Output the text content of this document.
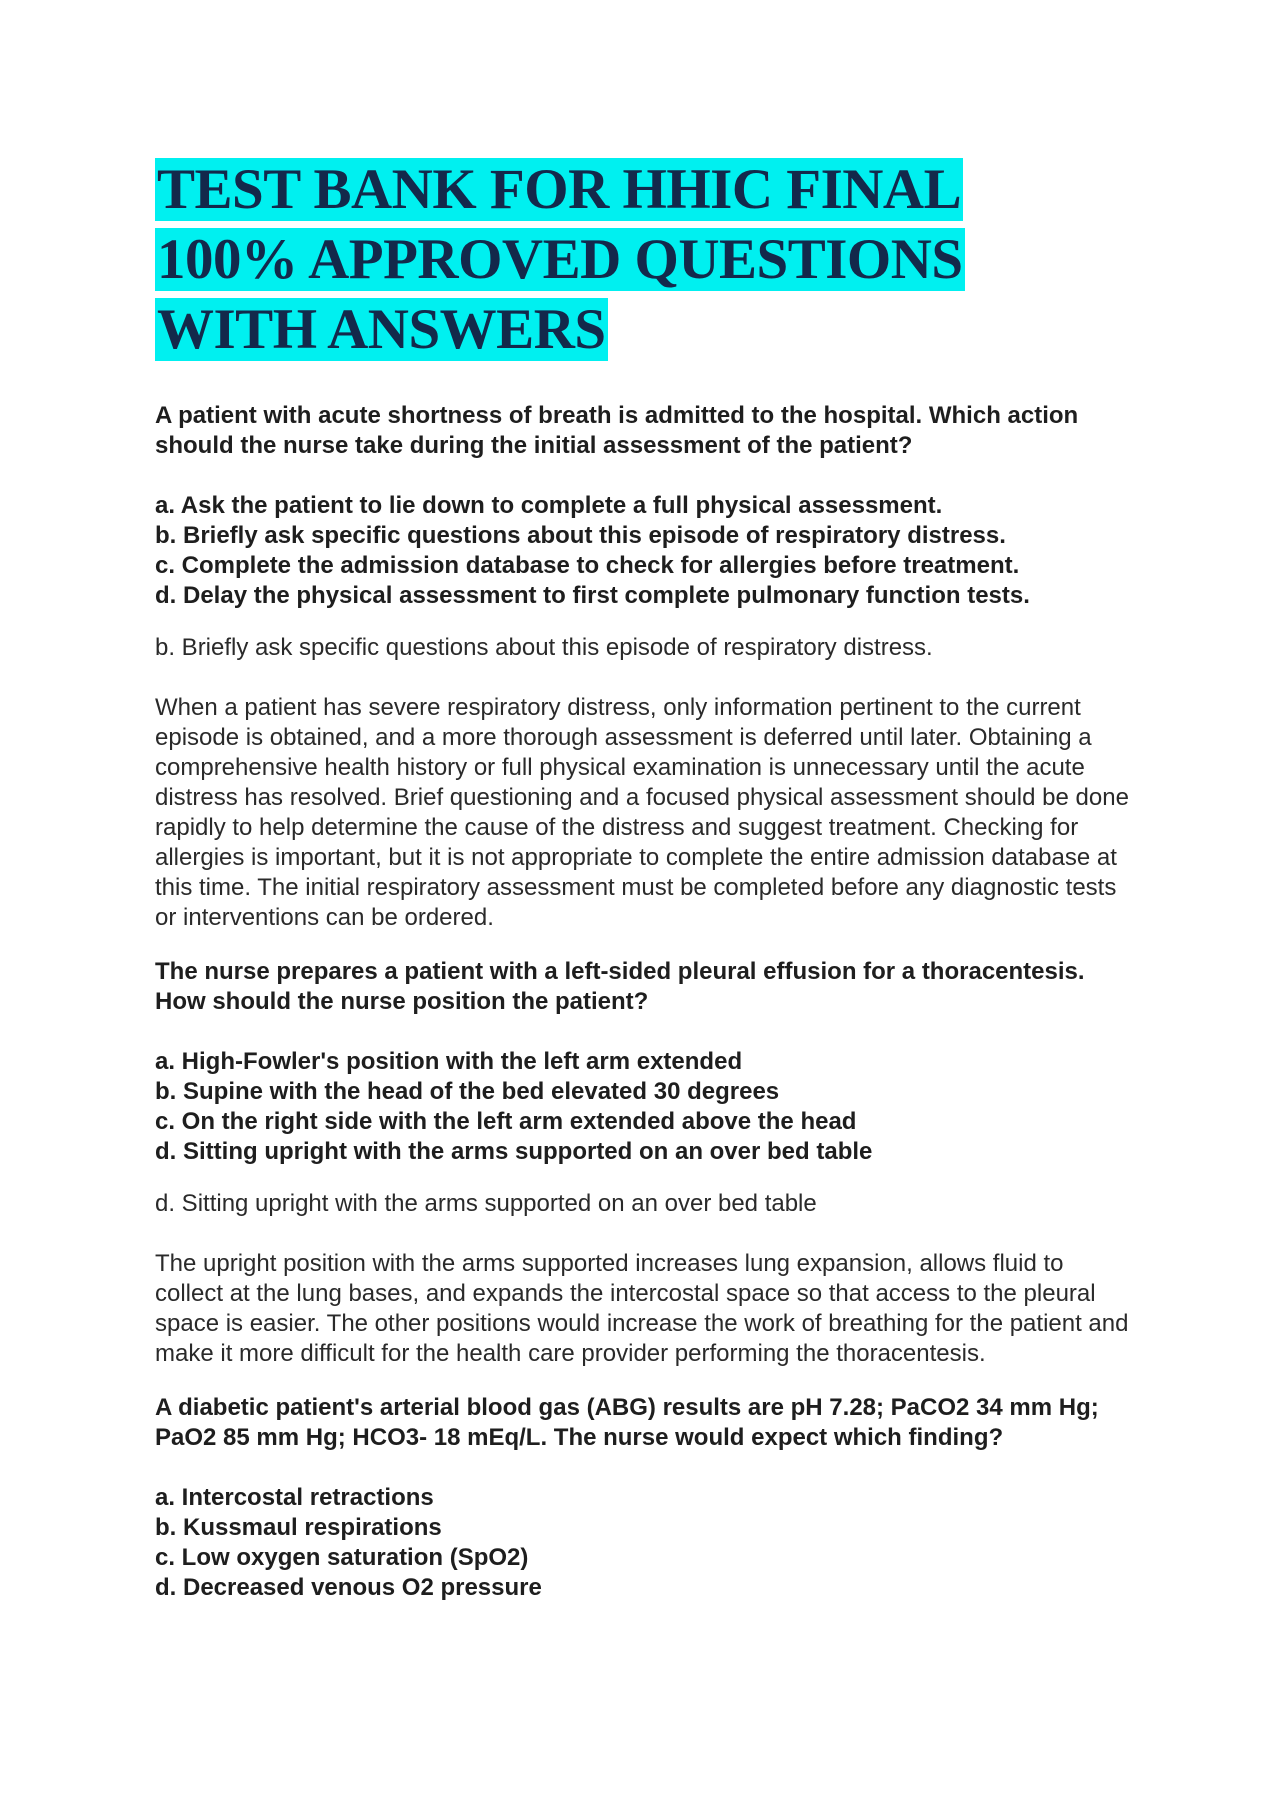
TEST BANK FOR HHIC FINAL
100% APPROVED QUESTIONS
WITH ANSWERS

A patient with acute shortness of breath is admitted to the hospital. Which action should the nurse take during the initial assessment of the patient?

a. Ask the patient to lie down to complete a full physical assessment.
b. Briefly ask specific questions about this episode of respiratory distress.
c. Complete the admission database to check for allergies before treatment.
d. Delay the physical assessment to first complete pulmonary function tests.

b. Briefly ask specific questions about this episode of respiratory distress.

When a patient has severe respiratory distress, only information pertinent to the current episode is obtained, and a more thorough assessment is deferred until later. Obtaining a comprehensive health history or full physical examination is unnecessary until the acute distress has resolved. Brief questioning and a focused physical assessment should be done rapidly to help determine the cause of the distress and suggest treatment. Checking for allergies is important, but it is not appropriate to complete the entire admission database at this time. The initial respiratory assessment must be completed before any diagnostic tests or interventions can be ordered.

The nurse prepares a patient with a left-sided pleural effusion for a thoracentesis. How should the nurse position the patient?

a. High-Fowler's position with the left arm extended
b. Supine with the head of the bed elevated 30 degrees
c. On the right side with the left arm extended above the head
d. Sitting upright with the arms supported on an over bed table

d. Sitting upright with the arms supported on an over bed table

The upright position with the arms supported increases lung expansion, allows fluid to collect at the lung bases, and expands the intercostal space so that access to the pleural space is easier. The other positions would increase the work of breathing for the patient and make it more difficult for the health care provider performing the thoracentesis.

A diabetic patient's arterial blood gas (ABG) results are pH 7.28; PaCO2 34 mm Hg; PaO2 85 mm Hg; HCO3- 18 mEq/L. The nurse would expect which finding?

a. Intercostal retractions
b. Kussmaul respirations
c. Low oxygen saturation (SpO2)
d. Decreased venous O2 pressure
